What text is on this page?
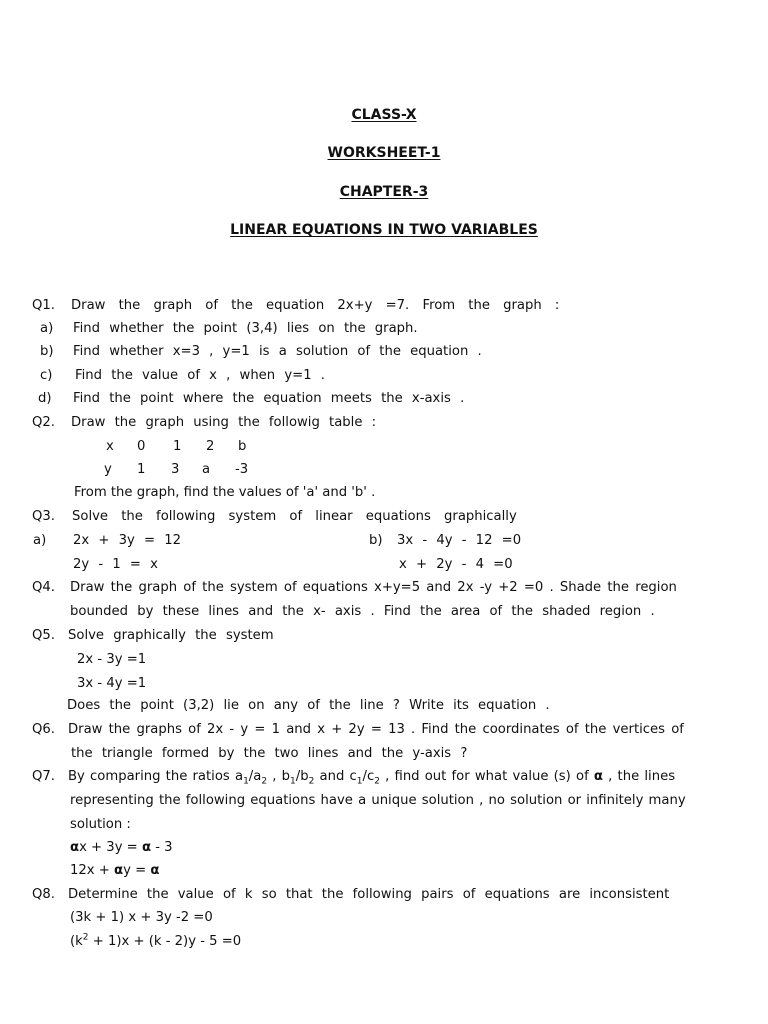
CLASS-X
WORKSHEET-1
CHAPTER-3
LINEAR EQUATIONS IN TWO VARIABLES
Q1. Draw the graph of the equation 2x+y =7. From the graph :
a) Find whether the point (3,4) lies on the graph.
b) Find whether x=3 , y=1 is a solution of the equation .
c) Find the value of x , when y=1 .
d) Find the point where the equation meets the x-axis .
Q2. Draw the graph using the followig table :
x 0 1 2 b
y 1 3 a -3
From the graph, find the values of 'a' and 'b' .
Q3. Solve the following system of linear equations graphically
a) 2x + 3y = 12
2y - 1 = x
b) 3x - 4y - 12 =0
x + 2y - 4 =0
Q4. Draw the graph of the system of equations x+y=5 and 2x -y +2 =0 . Shade the region
bounded by these lines and the x- axis . Find the area of the shaded region .
Q5. Solve graphically the system
2x - 3y =1
3x - 4y =1
Does the point (3,2) lie on any of the line ? Write its equation .
Q6. Draw the graphs of 2x - y = 1 and x + 2y = 13 . Find the coordinates of the vertices of
the triangle formed by the two lines and the y-axis ?
Q7. By comparing the ratios $a_1/a_2$ , $b_1/b_2$ and $c_1/c_2$ , find out for what value (s) of α , the lines
representing the following equations have a unique solution , no solution or infinitely many
solution :
αx + 3y = α - 3
12x + αy = α
Q8. Determine the value of k so that the following pairs of equations are inconsistent
(3k + 1) x + 3y -2 =0
$(k^2 + 1)x + (k - 2)y - 5 =0$
